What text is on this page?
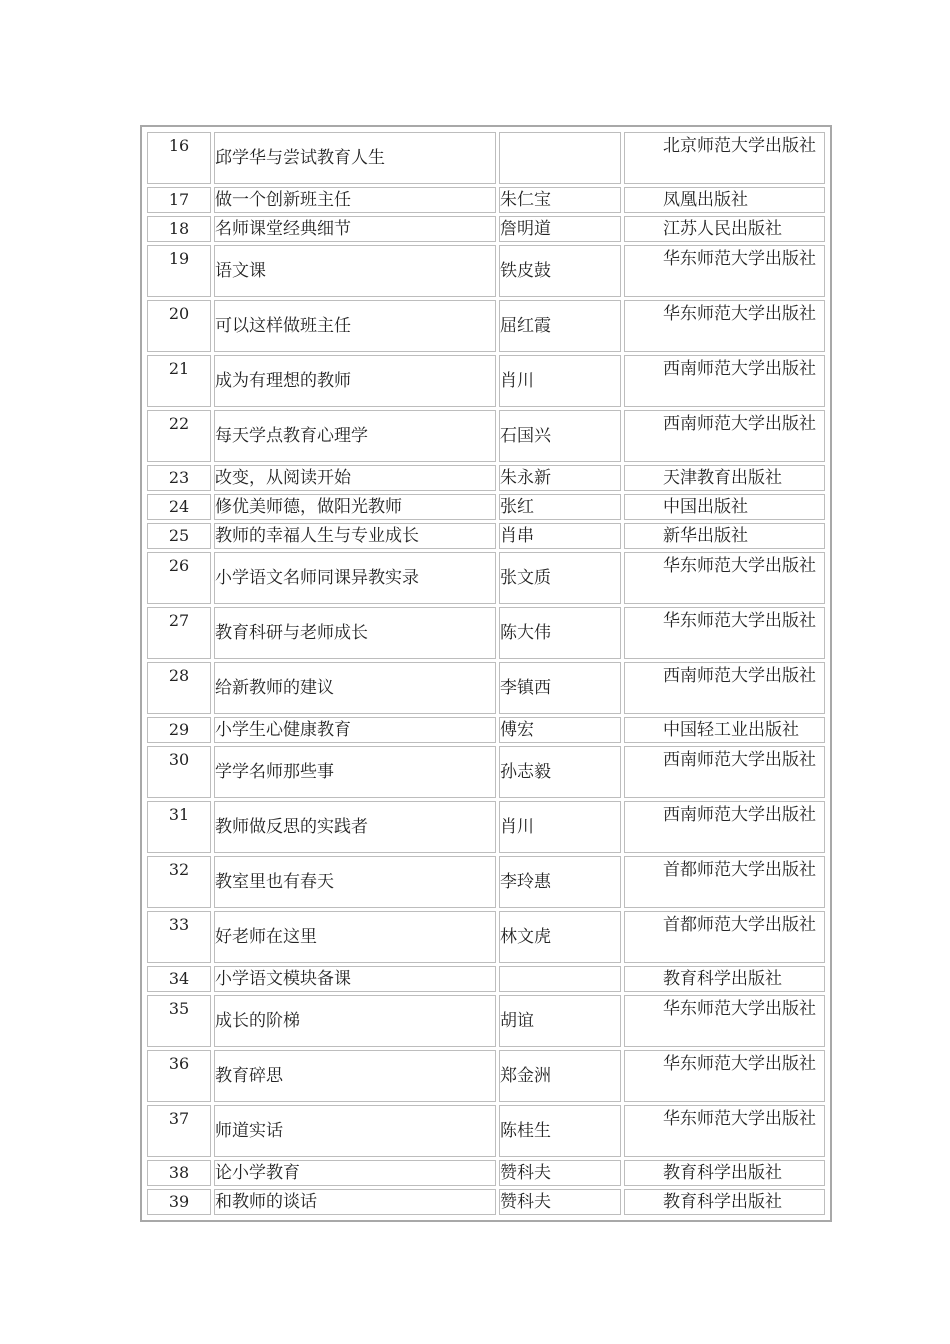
16	邱学华与尝试教育人生		北京师范大学出版社

17	做一个创新班主任	朱仁宝	凤凰出版社

18	名师课堂经典细节	詹明道	江苏人民出版社

19	语文课	铁皮鼓	华东师范大学出版社

20	可以这样做班主任	屈红霞	华东师范大学出版社

21	成为有理想的教师	肖川	西南师范大学出版社

22	每天学点教育心理学	石国兴	西南师范大学出版社

23	改变，从阅读开始	朱永新	天津教育出版社

24	修优美师德，做阳光教师	张红	中国出版社

25	教师的幸福人生与专业成长	肖串	新华出版社

26	小学语文名师同课异教实录	张文质	华东师范大学出版社

27	教育科研与老师成长	陈大伟	华东师范大学出版社

28	给新教师的建议	李镇西	西南师范大学出版社

29	小学生心健康教育	傅宏	中国轻工业出版社

30	学学名师那些事	孙志毅	西南师范大学出版社

31	教师做反思的实践者	肖川	西南师范大学出版社

32	教室里也有春天	李玲惠	首都师范大学出版社

33	好老师在这里	林文虎	首都师范大学出版社

34	小学语文模块备课		教育科学出版社

35	成长的阶梯	胡谊	华东师范大学出版社

36	教育碎思	郑金洲	华东师范大学出版社

37	师道实话	陈桂生	华东师范大学出版社

38	论小学教育	赞科夫	教育科学出版社

39	和教师的谈话	赞科夫	教育科学出版社
